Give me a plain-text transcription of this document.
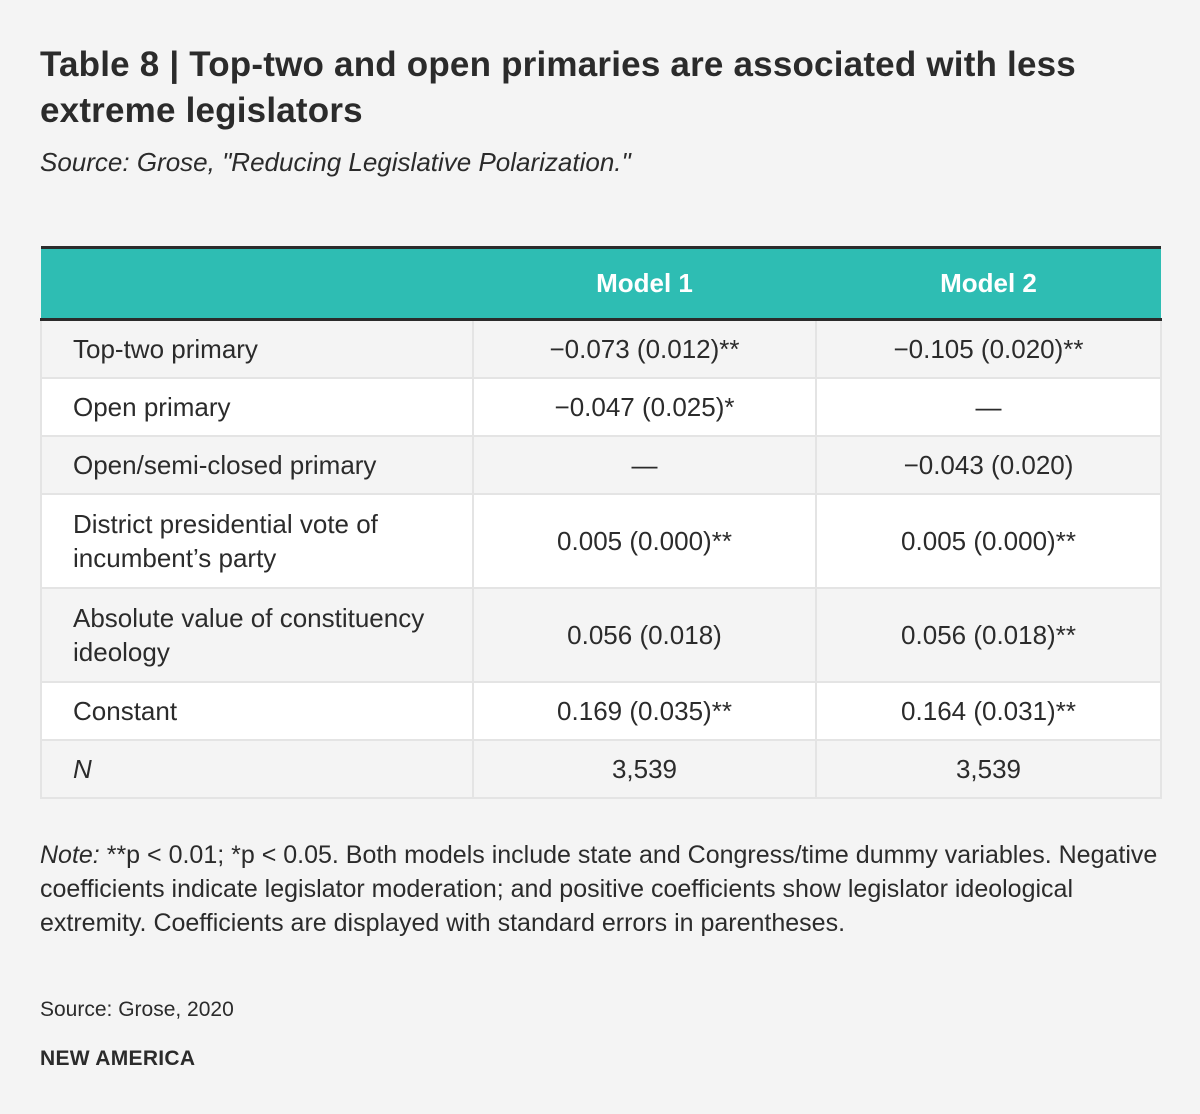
Table 8 | Top-two and open primaries are associated with less extreme legislators
Source: Grose, "Reducing Legislative Polarization."
	Model 1	Model 2
Top-two primary	−0.073 (0.012)**	−0.105 (0.020)**
Open primary	−0.047 (0.025)*	—
Open/semi-closed primary	—	−0.043 (0.020)
District presidential vote of incumbent’s party	0.005 (0.000)**	0.005 (0.000)**
Absolute value of constituency ideology	0.056 (0.018)	0.056 (0.018)**
Constant	0.169 (0.035)**	0.164 (0.031)**
N	3,539	3,539
Note: **p < 0.01; *p < 0.05. Both models include state and Congress/time dummy variables. Negative coefficients indicate legislator moderation; and positive coefficients show legislator ideological extremity. Coefficients are displayed with standard errors in parentheses.
Source: Grose, 2020
NEW AMERICA
